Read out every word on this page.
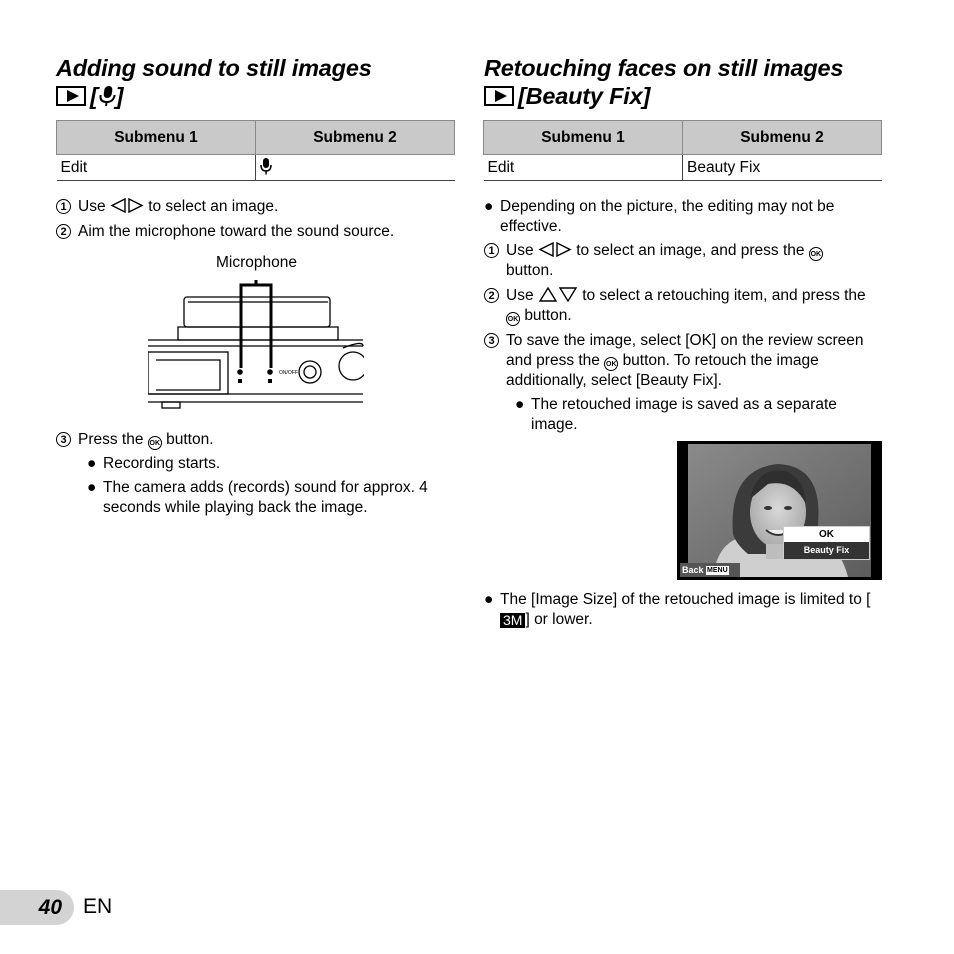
Adding sound to still images
[ ]
Submenu 1	Submenu 2
Edit	
1 Use	to select an image.
2 Aim the microphone toward the sound source.
Microphone
ON/OFF
3 Press the OK button.
● Recording starts.
● The camera adds (records) sound for approx. 4 seconds while playing back the image.
Retouching faces on still images
[Beauty Fix]
Submenu 1	Submenu 2
Edit	Beauty Fix
● Depending on the picture, the editing may not be effective.
1 Use	to select an image, and press the OK button.
2 Use	to select a retouching item, and press the OK button.
3 To save the image, select [OK] on the review screen and press the OK button. To retouch the image additionally, select [Beauty Fix].
● The retouched image is saved as a separate image.
OK
Beauty Fix
Back MENU
● The [Image Size] of the retouched image is limited to [3M ] or lower.
40 EN
